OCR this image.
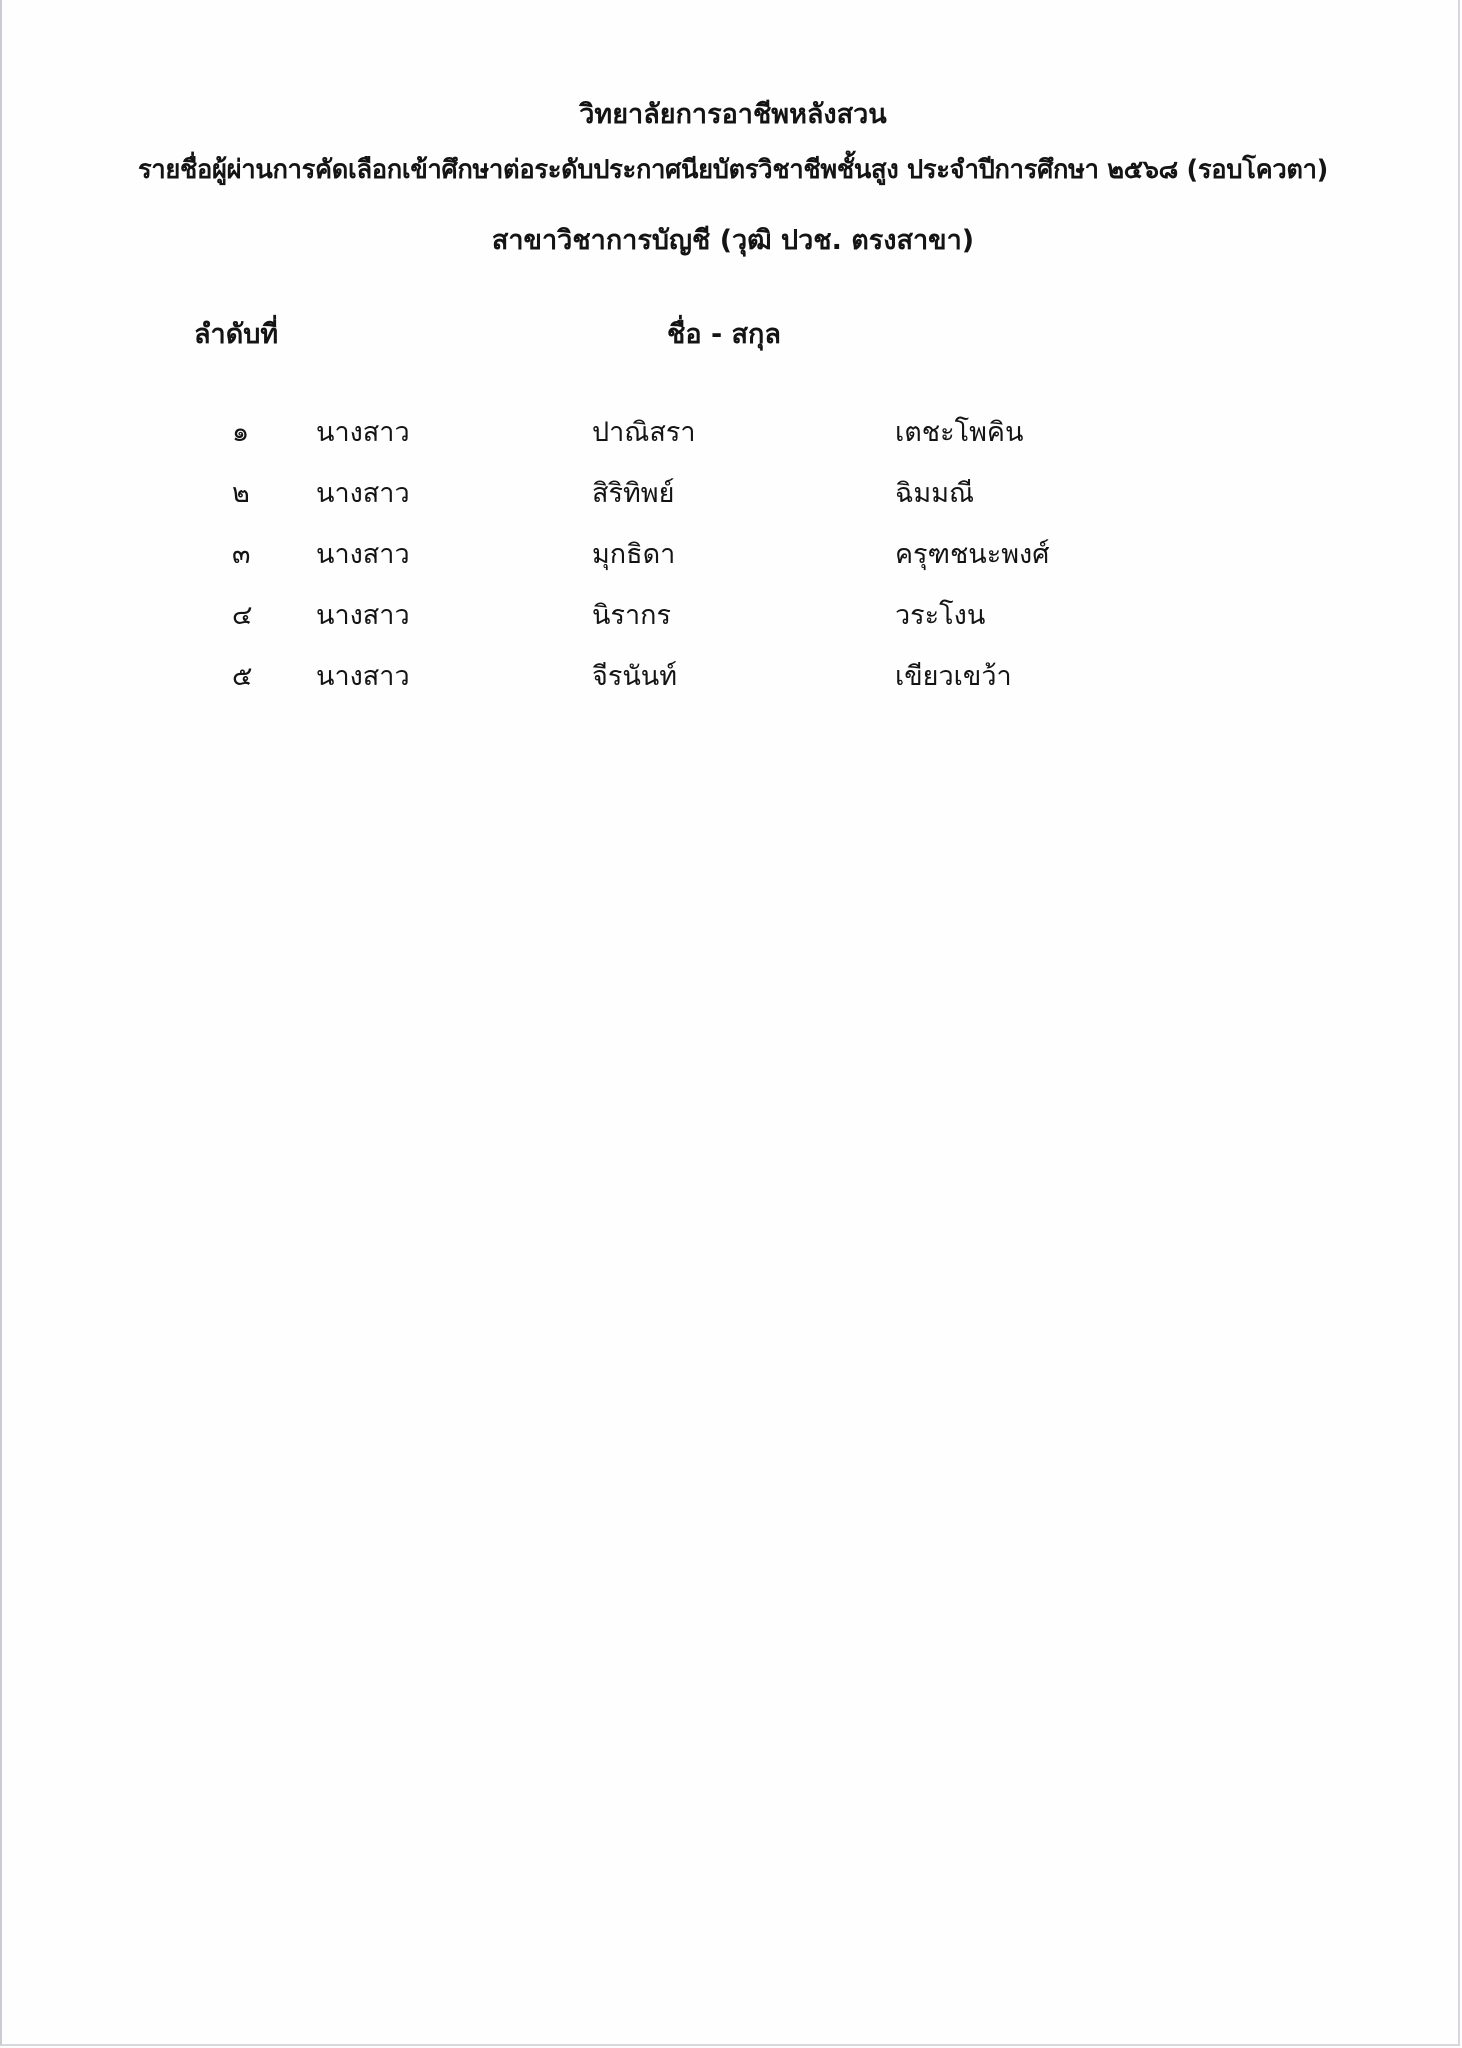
วิทยาลัยการอาชีพหลังสวน
รายชื่อผู้ผ่านการคัดเลือกเข้าศึกษาต่อระดับประกาศนียบัตรวิชาชีพชั้นสูง ประจำปีการศึกษา ๒๕๖๘ (รอบโควตา)
สาขาวิชาการบัญชี (วุฒิ ปวช. ตรงสาขา)
ลำดับที่	ชื่อ - สกุล
๑	นางสาว	ปาณิสรา	เตชะโพคิน
๒	นางสาว	สิริทิพย์	ฉิมมณี
๓	นางสาว	มุกธิดา	ครุฑชนะพงศ์
๔	นางสาว	นิรากร	วระโงน
๕	นางสาว	จีรนันท์	เขียวเขว้า
